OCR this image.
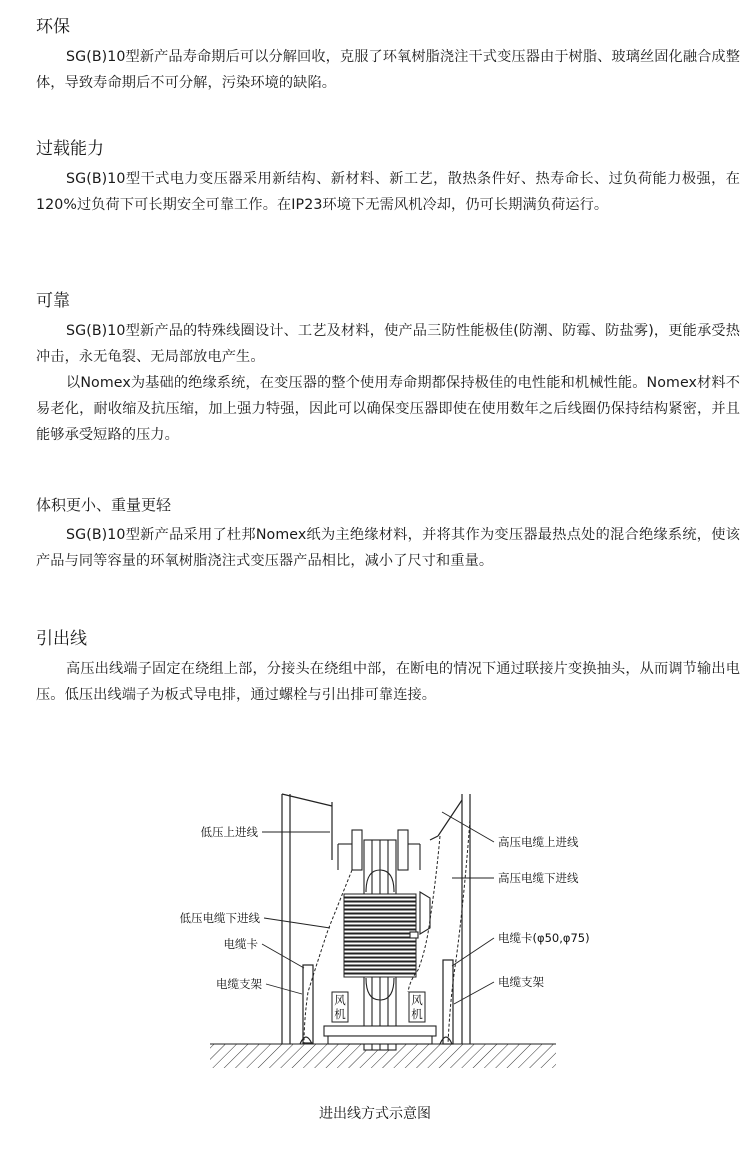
环保

SG(B)10型新产品寿命期后可以分解回收，克服了环氧树脂浇注干式变压器由于树脂、玻璃丝固化融合成整体，导致寿命期后不可分解，污染环境的缺陷。

过载能力

SG(B)10型干式电力变压器采用新结构、新材料、新工艺，散热条件好、热寿命长、过负荷能力极强，在120%过负荷下可长期安全可靠工作。在IP23环境下无需风机冷却，仍可长期满负荷运行。

可靠

SG(B)10型新产品的特殊线圈设计、工艺及材料，使产品三防性能极佳(防潮、防霉、防盐雾)，更能承受热冲击，永无龟裂、无局部放电产生。

以Nomex为基础的绝缘系统，在变压器的整个使用寿命期都保持极佳的电性能和机械性能。Nomex材料不易老化，耐收缩及抗压缩，加上强力特强，因此可以确保变压器即使在使用数年之后线圈仍保持结构紧密，并且能够承受短路的压力。

体积更小、重量更轻

SG(B)10型新产品采用了杜邦Nomex纸为主绝缘材料，并将其作为变压器最热点处的混合绝缘系统，使该产品与同等容量的环氧树脂浇注式变压器产品相比，减小了尺寸和重量。

引出线

高压出线端子固定在绕组上部，分接头在绕组中部，在断电的情况下通过联接片变换抽头，从而调节输出电压。低压出线端子为板式导电排，通过螺栓与引出排可靠连接。

风
机
风
机
低压上进线
低压电缆下进线
电缆卡
电缆支架
高压电缆上进线
高压电缆下进线
电缆卡(φ50,φ75)
电缆支架
进出线方式示意图
